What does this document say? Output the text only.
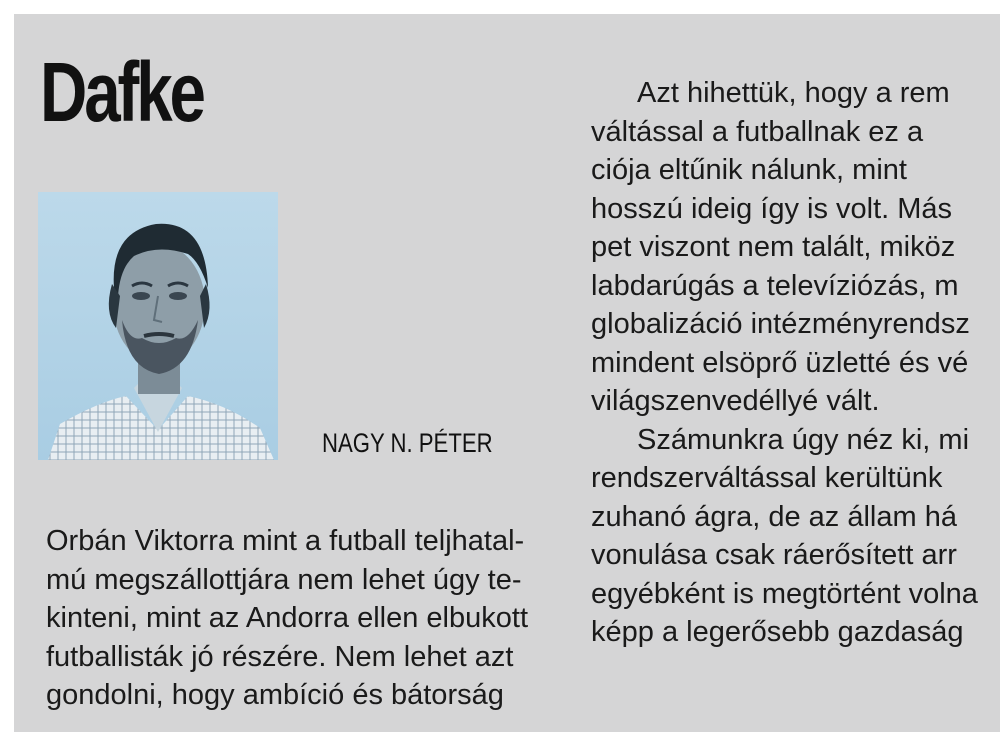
Dafke
NAGY N. PÉTER
Orbán Viktorra mint a futball teljhatal-
mú megszállottjára nem lehet úgy te-
kinteni, mint az Andorra ellen elbukott
futballisták jó részére. Nem lehet azt
gondolni, hogy ambíció és bátorság
Azt hihettük, hogy a rem
váltással a futballnak ez a
ciója eltűnik nálunk, mint
hosszú ideig így is volt. Más
pet viszont nem talált, miköz
labdarúgás a televíziózás, m
globalizáció intézményrendsz
mindent elsöprő üzletté és vé
világszenvedéllyé vált.
Számunkra úgy néz ki, mi
rendszerváltással kerültünk
zuhanó ágra, de az állam há
vonulása csak ráerősített arr
egyébként is megtörtént volna
képp a legerősebb gazdaság
